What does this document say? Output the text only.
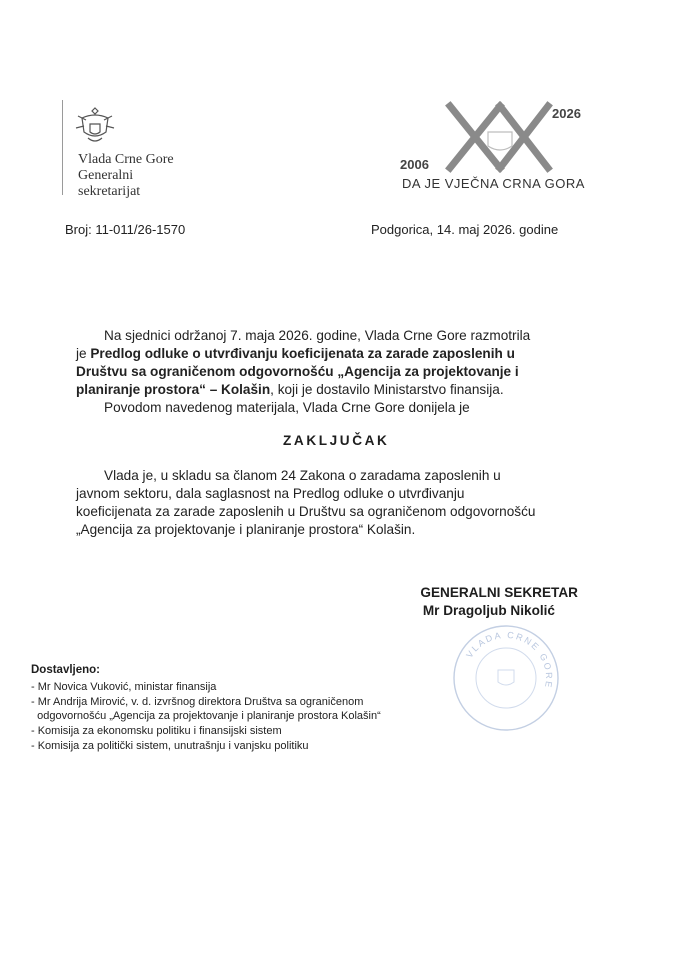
Vlada Crne Gore
Generalni
sekretarijat
2006
2026
DA JE VJEČNA CRNA GORA
Broj: 11-011/26-1570	Podgorica, 14. maj 2026. godine
Na sjednici održanoj 7. maja 2026. godine, Vlada Crne Gore razmotrila
je Predlog odluke o utvrđivanju koeficijenata za zarade zaposlenih u
Društvu sa ograničenom odgovornošću „Agencija za projektovanje i
planiranje prostora“ – Kolašin, koji je dostavilo Ministarstvo finansija.
Povodom navedenog materijala, Vlada Crne Gore donijela je
ZAKLJUČAK
Vlada je, u skladu sa članom 24 Zakona o zaradama zaposlenih u
javnom sektoru, dala saglasnost na Predlog odluke o utvrđivanju
koeficijenata za zarade zaposlenih u Društvu sa ograničenom odgovornošću
„Agencija za projektovanje i planiranje prostora“ Kolašin.
GENERALNI SEKRETAR
Mr Dragoljub Nikolić
VLADA CRNE GORE
Dostavljeno:
- Mr Novica Vuković, ministar finansija
- Mr Andrija Mirović, v. d. izvršnog direktora Društva sa ograničenom
odgovornošću „Agencija za projektovanje i planiranje prostora Kolašin“
- Komisija za ekonomsku politiku i finansijski sistem
- Komisija za politički sistem, unutrašnju i vanjsku politiku
